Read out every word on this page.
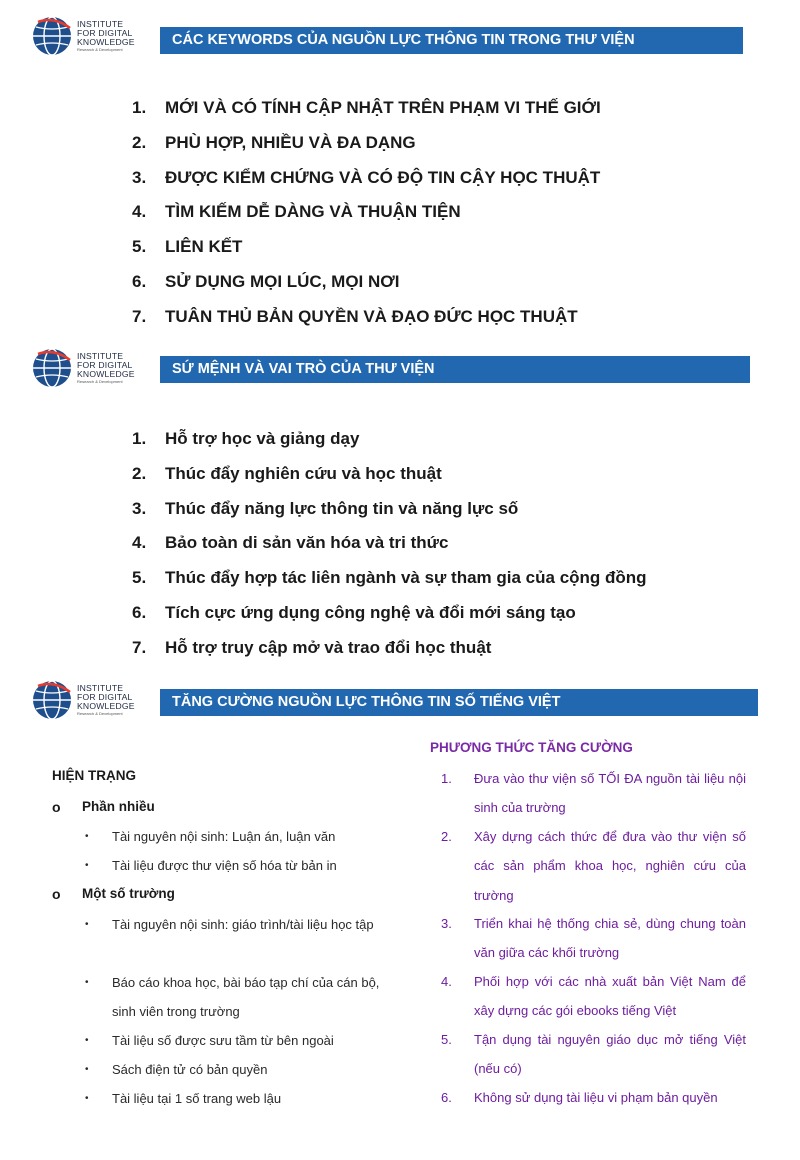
INSTITUTE
FOR DIGITAL
KNOWLEDGE
Research & Development
CÁC KEYWORDS CỦA NGUỒN LỰC THÔNG TIN TRONG THƯ VIỆN
1. MỚI VÀ CÓ TÍNH CẬP NHẬT TRÊN PHẠM VI THẾ GIỚI
2. PHÙ HỢP, NHIỀU VÀ ĐA DẠNG
3. ĐƯỢC KIỂM CHỨNG VÀ CÓ ĐỘ TIN CẬY HỌC THUẬT
4. TÌM KIẾM DỄ DÀNG VÀ THUẬN TIỆN
5. LIÊN KẾT
6. SỬ DỤNG MỌI LÚC, MỌI NƠI
7. TUÂN THỦ BẢN QUYỀN VÀ ĐẠO ĐỨC HỌC THUẬT
INSTITUTE
FOR DIGITAL
KNOWLEDGE
Research & Development
SỨ MỆNH VÀ VAI TRÒ CỦA THƯ VIỆN
1. Hỗ trợ học và giảng dạy
2. Thúc đẩy nghiên cứu và học thuật
3. Thúc đẩy năng lực thông tin và năng lực số
4. Bảo toàn di sản văn hóa và tri thức
5. Thúc đẩy hợp tác liên ngành và sự tham gia của cộng đồng
6. Tích cực ứng dụng công nghệ và đổi mới sáng tạo
7. Hỗ trợ truy cập mở và trao đổi học thuật
INSTITUTE
FOR DIGITAL
KNOWLEDGE
Research & Development
TĂNG CƯỜNG NGUỒN LỰC THÔNG TIN SỐ TIẾNG VIỆT
HIỆN TRẠNG
o Phần nhiều
• Tài nguyên nội sinh: Luận án, luận văn
• Tài liệu được thư viện số hóa từ bản in
o Một số trường
• Tài nguyên nội sinh: giáo trình/tài liệu học tập
• Báo cáo khoa học, bài báo tạp chí của cán bộ, sinh viên trong trường
• Tài liệu số được sưu tầm từ bên ngoài
• Sách điện tử có bản quyền
• Tài liệu tại 1 số trang web lậu
PHƯƠNG THỨC TĂNG CƯỜNG
1. Đưa vào thư viện số TỐI ĐA nguồn tài liệu nội sinh của trường
2. Xây dựng cách thức để đưa vào thư viện số các sản phẩm khoa học, nghiên cứu của trường
3. Triển khai hệ thống chia sẻ, dùng chung toàn văn giữa các khối trường
4. Phối hợp với các nhà xuất bản Việt Nam để xây dựng các gói ebooks tiếng Việt
5. Tận dụng tài nguyên giáo dục mở tiếng Việt (nếu có)
6. Không sử dụng tài liệu vi phạm bản quyền
